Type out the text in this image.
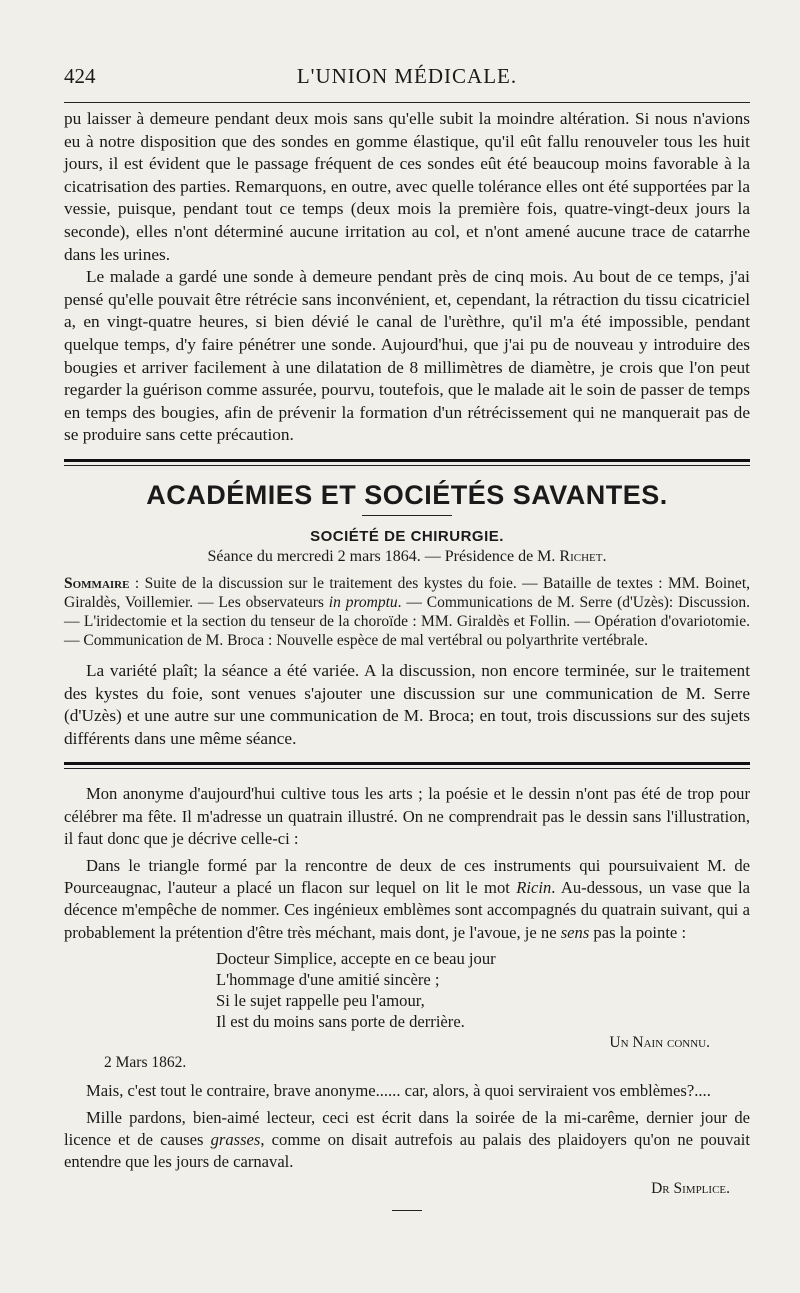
424	L'UNION MÉDICALE.

pu laisser à demeure pendant deux mois sans qu'elle subit la moindre altération. Si nous n'avions eu à notre disposition que des sondes en gomme élastique, qu'il eût fallu renouveler tous les huit jours, il est évident que le passage fréquent de ces sondes eût été beaucoup moins favorable à la cicatrisation des parties. Remarquons, en outre, avec quelle tolérance elles ont été supportées par la vessie, puisque, pendant tout ce temps (deux mois la première fois, quatre-vingt-deux jours la seconde), elles n'ont déterminé aucune irritation au col, et n'ont amené aucune trace de catarrhe dans les urines.

Le malade a gardé une sonde à demeure pendant près de cinq mois. Au bout de ce temps, j'ai pensé qu'elle pouvait être rétrécie sans inconvénient, et, cependant, la rétraction du tissu cicatriciel a, en vingt-quatre heures, si bien dévié le canal de l'urèthre, qu'il m'a été impossible, pendant quelque temps, d'y faire pénétrer une sonde. Aujourd'hui, que j'ai pu de nouveau y introduire des bougies et arriver facilement à une dilatation de 8 millimètres de diamètre, je crois que l'on peut regarder la guérison comme assurée, pourvu, toutefois, que le malade ait le soin de passer de temps en temps des bougies, afin de prévenir la formation d'un rétrécissement qui ne manquerait pas de se produire sans cette précaution.

ACADÉMIES ET SOCIÉTÉS SAVANTES.
SOCIÉTÉ DE CHIRURGIE.
Séance du mercredi 2 mars 1864. — Présidence de M. Richet.
Sommaire : Suite de la discussion sur le traitement des kystes du foie. — Bataille de textes : MM. Boinet, Giraldès, Voillemier. — Les observateurs in promptu. — Communications de M. Serre (d'Uzès): Discussion. — L'iridectomie et la section du tenseur de la choroïde : MM. Giraldès et Follin. — Opération d'ovariotomie. — Communication de M. Broca : Nouvelle espèce de mal vertébral ou polyarthrite vertébrale.

La variété plaît; la séance a été variée. A la discussion, non encore terminée, sur le traitement des kystes du foie, sont venues s'ajouter une discussion sur une communication de M. Serre (d'Uzès) et une autre sur une communication de M. Broca; en tout, trois discussions sur des sujets différents dans une même séance.

Mon anonyme d'aujourd'hui cultive tous les arts ; la poésie et le dessin n'ont pas été de trop pour célébrer ma fête. Il m'adresse un quatrain illustré. On ne comprendrait pas le dessin sans l'illustration, il faut donc que je décrive celle-ci :

Dans le triangle formé par la rencontre de deux de ces instruments qui poursuivaient M. de Pourceaugnac, l'auteur a placé un flacon sur lequel on lit le mot Ricin. Au-dessous, un vase que la décence m'empêche de nommer. Ces ingénieux emblèmes sont accompagnés du quatrain suivant, qui a probablement la prétention d'être très méchant, mais dont, je l'avoue, je ne sens pas la pointe :

Docteur Simplice, accepte en ce beau jour
L'hommage d'une amitié sincère ;
Si le sujet rappelle peu l'amour,
Il est du moins sans porte de derrière.
Un Nain connu.
2 Mars 1862.

Mais, c'est tout le contraire, brave anonyme...... car, alors, à quoi serviraient vos emblèmes?....

Mille pardons, bien-aimé lecteur, ceci est écrit dans la soirée de la mi-carême, dernier jour de licence et de causes grasses, comme on disait autrefois au palais des plaidoyers qu'on ne pouvait entendre que les jours de carnaval.

Dr Simplice.
